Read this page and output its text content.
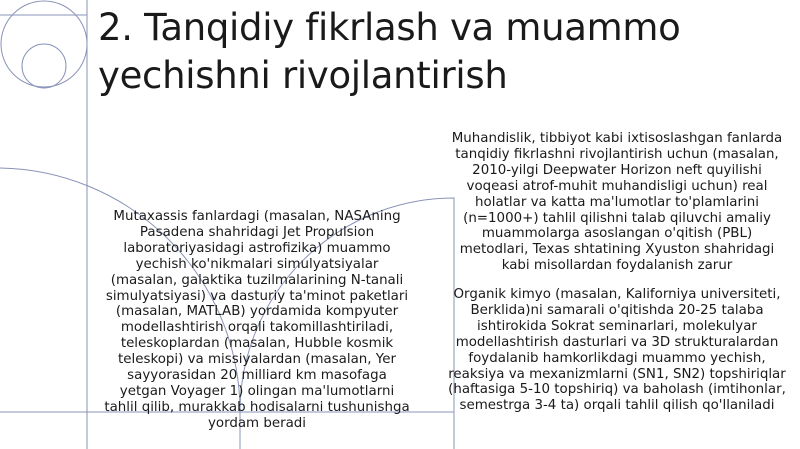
2. Tanqidiy fikrlash va muammo yechishni rivojlantirish

Mutaxassis fanlardagi (masalan, NASAning Pasadena shahridagi Jet Propulsion laboratoriyasidagi astrofizika) muammo yechish ko'nikmalari simulyatsiyalar (masalan, galaktika tuzilmalarining N-tanali simulyatsiyasi) va dasturiy ta'minot paketlari (masalan, MATLAB) yordamida kompyuter modellashtirish orqali takomillashtiriladi, teleskoplardan (masalan, Hubble kosmik teleskopi) va missiyalardan (masalan, Yer sayyorasidan 20 milliard km masofaga yetgan Voyager 1) olingan ma'lumotlarni tahlil qilib, murakkab hodisalarni tushunishga yordam beradi

Muhandislik, tibbiyot kabi ixtisoslashgan fanlarda tanqidiy fikrlashni rivojlantirish uchun (masalan, 2010-yilgi Deepwater Horizon neft quyilishi voqeasi atrof-muhit muhandisligi uchun) real holatlar va katta ma'lumotlar to'plamlarini (n=1000+) tahlil qilishni talab qiluvchi amaliy muammolarga asoslangan o'qitish (PBL) metodlari, Texas shtatining Xyuston shahridagi kabi misollardan foydalanish zarur

Organik kimyo (masalan, Kaliforniya universiteti, Berklida)ni samarali o'qitishda 20-25 talaba ishtirokida Sokrat seminarlari, molekulyar modellashtirish dasturlari va 3D strukturalardan foydalanib hamkorlikdagi muammo yechish, reaksiya va mexanizmlarni (SN1, SN2) topshiriqlar (haftasiga 5-10 topshiriq) va baholash (imtihonlar, semestrga 3-4 ta) orqali tahlil qilish qo'llaniladi
